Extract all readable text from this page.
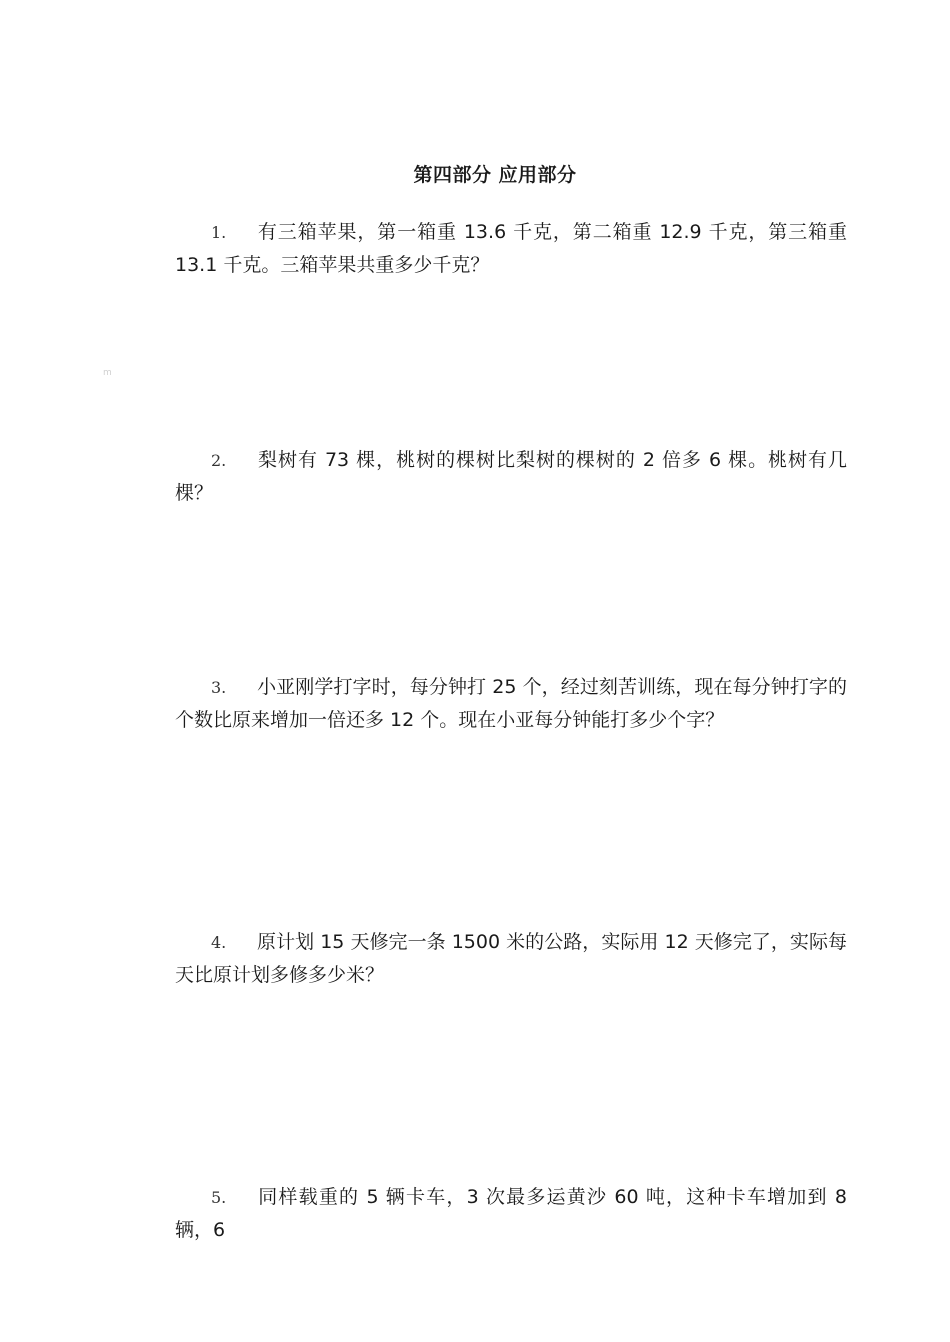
第四部分 应用部分
m
1. 有三箱苹果，第一箱重 13.6 千克，第二箱重 12.9 千克，第三箱重 13.1 千克。三箱苹果共重多少千克？
2. 梨树有 73 棵，桃树的棵树比梨树的棵树的 2 倍多 6 棵。桃树有几棵？
3. 小亚刚学打字时，每分钟打 25 个，经过刻苦训练，现在每分钟打字的个数比原来增加一倍还多 12 个。现在小亚每分钟能打多少个字？
4. 原计划 15 天修完一条 1500 米的公路，实际用 12 天修完了，实际每天比原计划多修多少米？
5. 同样载重的 5 辆卡车，3 次最多运黄沙 60 吨，这种卡车增加到 8 辆，6
